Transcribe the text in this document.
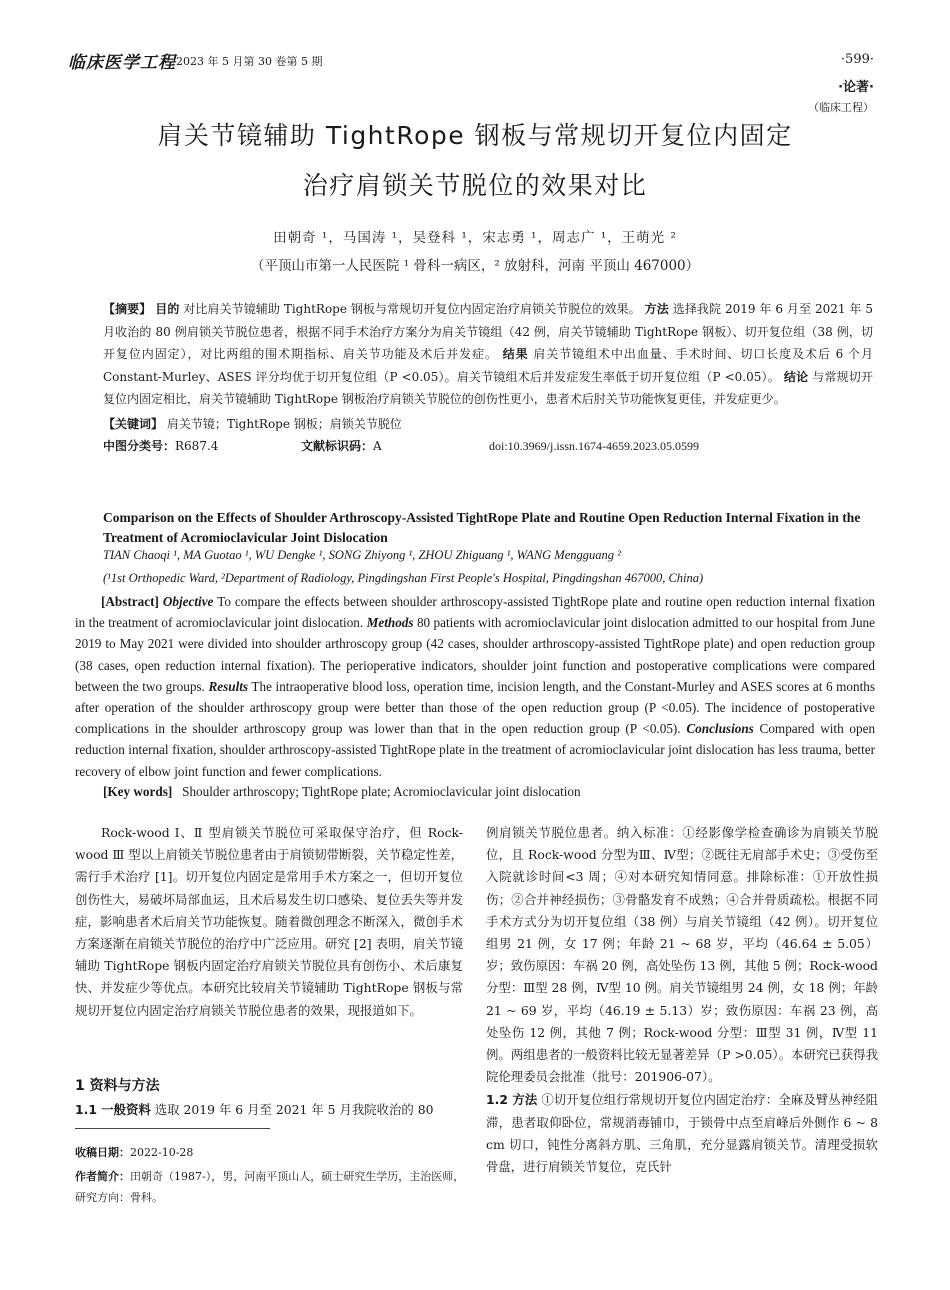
临床医学工程 2023 年 5 月第 30 卷第 5 期	·599·
·论著·
（临床工程）
肩关节镜辅助 TightRope 钢板与常规切开复位内固定
治疗肩锁关节脱位的效果对比
田朝奇 ¹，马国涛 ¹，吴登科 ¹，宋志勇 ¹，周志广 ¹，王萌光 ²
（平顶山市第一人民医院 ¹ 骨科一病区，² 放射科，河南 平顶山 467000）
【摘要】 目的 对比肩关节镜辅助 TightRope 钢板与常规切开复位内固定治疗肩锁关节脱位的效果。 方法 选择我院 2019 年 6 月至 2021 年 5 月收治的 80 例肩锁关节脱位患者，根据不同手术治疗方案分为肩关节镜组（42 例，肩关节镜辅助 TightRope 钢板）、切开复位组（38 例，切开复位内固定），对比两组的围术期指标、肩关节功能及术后并发症。 结果 肩关节镜组术中出血量、手术时间、切口长度及术后 6 个月 Constant-Murley、ASES 评分均优于切开复位组（P <0.05）。肩关节镜组术后并发症发生率低于切开复位组（P <0.05）。 结论 与常规切开复位内固定相比，肩关节镜辅助 TightRope 钢板治疗肩锁关节脱位的创伤性更小，患者术后肘关节功能恢复更佳，并发症更少。
【关键词】 肩关节镜；TightRope 钢板；肩锁关节脱位
中图分类号：R687.4	文献标识码：A	doi:10.3969/j.issn.1674-4659.2023.05.0599
Comparison on the Effects of Shoulder Arthroscopy-Assisted TightRope Plate and Routine Open Reduction Internal Fixation in the Treatment of Acromioclavicular Joint Dislocation
TIAN Chaoqi ¹, MA Guotao ¹, WU Dengke ¹, SONG Zhiyong ¹, ZHOU Zhiguang ¹, WANG Mengguang ²
(¹1st Orthopedic Ward, ²Department of Radiology, Pingdingshan First People's Hospital, Pingdingshan 467000, China)
[Abstract] Objective To compare the effects between shoulder arthroscopy-assisted TightRope plate and routine open reduction internal fixation in the treatment of acromioclavicular joint dislocation. Methods 80 patients with acromioclavicular joint dislocation admitted to our hospital from June 2019 to May 2021 were divided into shoulder arthroscopy group (42 cases, shoulder arthroscopy-assisted TightRope plate) and open reduction group (38 cases, open reduction internal fixation). The perioperative indicators, shoulder joint function and postoperative complications were compared between the two groups. Results The intraoperative blood loss, operation time, incision length, and the Constant-Murley and ASES scores at 6 months after operation of the shoulder arthroscopy group were better than those of the open reduction group (P <0.05). The incidence of postoperative complications in the shoulder arthroscopy group was lower than that in the open reduction group (P <0.05). Conclusions Compared with open reduction internal fixation, shoulder arthroscopy-assisted TightRope plate in the treatment of acromioclavicular joint dislocation has less trauma, better recovery of elbow joint function and fewer complications.
[Key words] Shoulder arthroscopy; TightRope plate; Acromioclavicular joint dislocation
Rock-wood Ⅰ、Ⅱ 型肩锁关节脱位可采取保守治疗，但 Rock-wood Ⅲ 型以上肩锁关节脱位患者由于肩锁韧带断裂，关节稳定性差，需行手术治疗 [1]。切开复位内固定是常用手术方案之一，但切开复位创伤性大，易破坏局部血运，且术后易发生切口感染、复位丢失等并发症，影响患者术后肩关节功能恢复。随着微创理念不断深入，微创手术方案逐渐在肩锁关节脱位的治疗中广泛应用。研究 [2] 表明，肩关节镜辅助 TightRope 钢板内固定治疗肩锁关节脱位具有创伤小、术后康复快、并发症少等优点。本研究比较肩关节镜辅助 TightRope 钢板与常规切开复位内固定治疗肩锁关节脱位患者的效果，现报道如下。
1 资料与方法
1.1 一般资料 选取 2019 年 6 月至 2021 年 5 月我院收治的 80
收稿日期：2022-10-28
作者简介：田朝奇（1987-），男，河南平顶山人，硕士研究生学历，主治医师，研究方向：骨科。
例肩锁关节脱位患者。纳入标准：①经影像学检查确诊为肩锁关节脱位，且 Rock-wood 分型为Ⅲ、Ⅳ型；②既往无肩部手术史；③受伤至入院就诊时间<3 周；④对本研究知情同意。排除标准：①开放性损伤；②合并神经损伤；③骨骼发育不成熟；④合并骨质疏松。根据不同手术方式分为切开复位组（38 例）与肩关节镜组（42 例）。切开复位组男 21 例，女 17 例；年龄 21 ~ 68 岁，平均（46.64 ± 5.05）岁；致伤原因：车祸 20 例，高处坠伤 13 例，其他 5 例；Rock-wood 分型：Ⅲ型 28 例，Ⅳ型 10 例。肩关节镜组男 24 例，女 18 例；年龄 21 ~ 69 岁，平均（46.19 ± 5.13）岁；致伤原因：车祸 23 例，高处坠伤 12 例，其他 7 例；Rock-wood 分型：Ⅲ型 31 例，Ⅳ型 11 例。两组患者的一般资料比较无显著差异（P >0.05）。本研究已获得我院伦理委员会批准（批号：201906-07）。
1.2 方法 ①切开复位组行常规切开复位内固定治疗：全麻及臂丛神经阻滞，患者取仰卧位，常规消毒铺巾，于锁骨中点至肩峰后外侧作 6 ~ 8 cm 切口，钝性分离斜方肌、三角肌，充分显露肩锁关节。清理受损软骨盘，进行肩锁关节复位，克氏针
